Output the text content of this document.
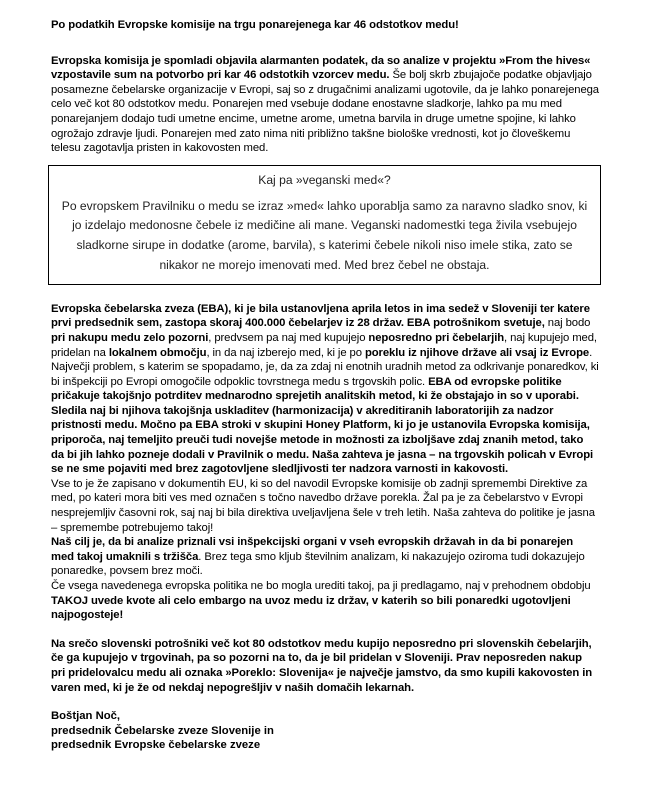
Po podatkih Evropske komisije na trgu ponarejenega kar 46 odstotkov medu!

Evropska komisija je spomladi objavila alarmanten podatek, da so analize v projektu »From the hives« vzpostavile sum na potvorbo pri kar 46 odstotkih vzorcev medu. Še bolj skrb zbujajoče podatke objavljajo posamezne čebelarske organizacije v Evropi, saj so z drugačnimi analizami ugotovile, da je lahko ponarejenega celo več kot 80 odstotkov medu. Ponarejen med vsebuje dodane enostavne sladkorje, lahko pa mu med ponarejanjem dodajo tudi umetne encime, umetne arome, umetna barvila in druge umetne spojine, ki lahko ogrožajo zdravje ljudi. Ponarejen med zato nima niti približno takšne biološke vrednosti, kot jo človeškemu telesu zagotavlja pristen in kakovosten med.

Kaj pa »veganski med«?

Po evropskem Pravilniku o medu se izraz »med« lahko uporablja samo za naravno sladko snov, ki jo izdelajo medonosne čebele iz medičine ali mane. Veganski nadomestki tega živila vsebujejo sladkorne sirupe in dodatke (arome, barvila), s katerimi čebele nikoli niso imele stika, zato se nikakor ne morejo imenovati med. Med brez čebel ne obstaja.

Evropska čebelarska zveza (EBA), ki je bila ustanovljena aprila letos in ima sedež v Sloveniji ter katere prvi predsednik sem, zastopa skoraj 400.000 čebelarjev iz 28 držav. EBA potrošnikom svetuje, naj bodo pri nakupu medu zelo pozorni, predvsem pa naj med kupujejo neposredno pri čebelarjih, naj kupujejo med, pridelan na lokalnem območju, in da naj izberejo med, ki je po poreklu iz njihove države ali vsaj iz Evrope.

Največji problem, s katerim se spopadamo, je, da za zdaj ni enotnih uradnih metod za odkrivanje ponaredkov, ki bi inšpekciji po Evropi omogočile odpoklic tovrstnega medu s trgovskih polic. EBA od evropske politike pričakuje takojšnjo potrditev mednarodno sprejetih analitskih metod, ki že obstajajo in so v uporabi. Sledila naj bi njihova takojšnja uskladitev (harmonizacija) v akreditiranih laboratorijih za nadzor pristnosti medu. Močno pa EBA stroki v skupini Honey Platform, ki jo je ustanovila Evropska komisija, priporoča, naj temeljito preuči tudi novejše metode in možnosti za izboljšave zdaj znanih metod, tako da bi jih lahko pozneje dodali v Pravilnik o medu. Naša zahteva je jasna – na trgovskih policah v Evropi se ne sme pojaviti med brez zagotovljene sledljivosti ter nadzora varnosti in kakovosti.

Vse to je že zapisano v dokumentih EU, ki so del navodil Evropske komisije ob zadnji spremembi Direktive za med, po kateri mora biti ves med označen s točno navedbo države porekla. Žal pa je za čebelarstvo v Evropi nesprejemljiv časovni rok, saj naj bi bila direktiva uveljavljena šele v treh letih. Naša zahteva do politike je jasna – spremembe potrebujemo takoj!

Naš cilj je, da bi analize priznali vsi inšpekcijski organi v vseh evropskih državah in da bi ponarejen med takoj umaknili s tržišča. Brez tega smo kljub številnim analizam, ki nakazujejo oziroma tudi dokazujejo ponaredke, povsem brez moči.

Če vsega navedenega evropska politika ne bo mogla urediti takoj, pa ji predlagamo, naj v prehodnem obdobju TAKOJ uvede kvote ali celo embargo na uvoz medu iz držav, v katerih so bili ponaredki ugotovljeni najpogosteje!

Na srečo slovenski potrošniki več kot 80 odstotkov medu kupijo neposredno pri slovenskih čebelarjih, če ga kupujejo v trgovinah, pa so pozorni na to, da je bil pridelan v Sloveniji. Prav neposreden nakup pri pridelovalcu medu ali oznaka »Poreklo: Slovenija« je največje jamstvo, da smo kupili kakovosten in varen med, ki je že od nekdaj nepogrešljiv v naših domačih lekarnah.

Boštjan Noč,
predsednik Čebelarske zveze Slovenije in
predsednik Evropske čebelarske zveze
